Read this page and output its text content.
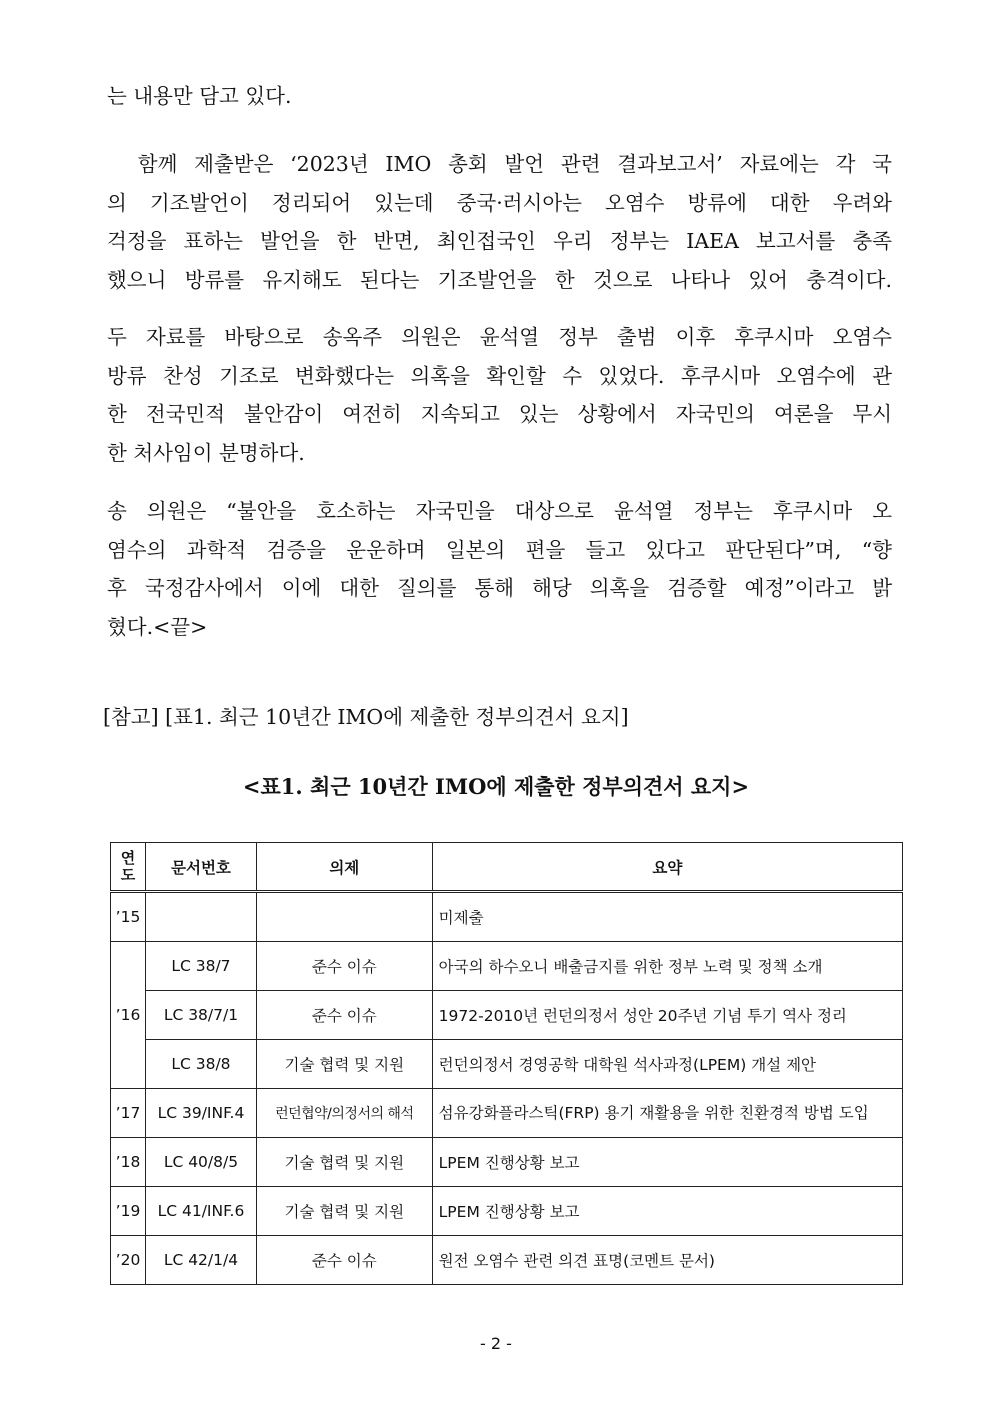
는 내용만 담고 있다.
　함께 제출받은 ‘2023년 IMO 총회 발언 관련 결과보고서’ 자료에는 각 국
의 기조발언이 정리되어 있는데 중국·러시아는 오염수 방류에 대한 우려와
걱정을 표하는 발언을 한 반면, 최인접국인 우리 정부는 IAEA 보고서를 충족
했으니 방류를 유지해도 된다는 기조발언을 한 것으로 나타나 있어 충격이다.
두 자료를 바탕으로 송옥주 의원은 윤석열 정부 출범 이후 후쿠시마 오염수
방류 찬성 기조로 변화했다는 의혹을 확인할 수 있었다. 후쿠시마 오염수에 관
한 전국민적 불안감이 여전히 지속되고 있는 상황에서 자국민의 여론을 무시
한 처사임이 분명하다.
송 의원은 “불안을 호소하는 자국민을 대상으로 윤석열 정부는 후쿠시마 오
염수의 과학적 검증을 운운하며 일본의 편을 들고 있다고 판단된다”며, “향
후 국정감사에서 이에 대한 질의를 통해 해당 의혹을 검증할 예정”이라고 밝
혔다.<끝>
[참고] [표1. 최근 10년간 IMO에 제출한 정부의견서 요지]
<표1. 최근 10년간 IMO에 제출한 정부의견서 요지>
연
도	문서번호	의제	요약
’15			미제출
’16	LC 38/7	준수 이슈	아국의 하수오니 배출금지를 위한 정부 노력 및 정책 소개
	LC 38/7/1	준수 이슈	1972-2010년 런던의정서 성안 20주년 기념 투기 역사 정리
	LC 38/8	기술 협력 및 지원	런던의정서 경영공학 대학원 석사과정(LPEM) 개설 제안
’17	LC 39/INF.4	런던협약/의정서의 해석	섬유강화플라스틱(FRP) 용기 재활용을 위한 친환경적 방법 도입
’18	LC 40/8/5	기술 협력 및 지원	LPEM 진행상황 보고
’19	LC 41/INF.6	기술 협력 및 지원	LPEM 진행상황 보고
’20	LC 42/1/4	준수 이슈	원전 오염수 관련 의견 표명(코멘트 문서)
- 2 -
